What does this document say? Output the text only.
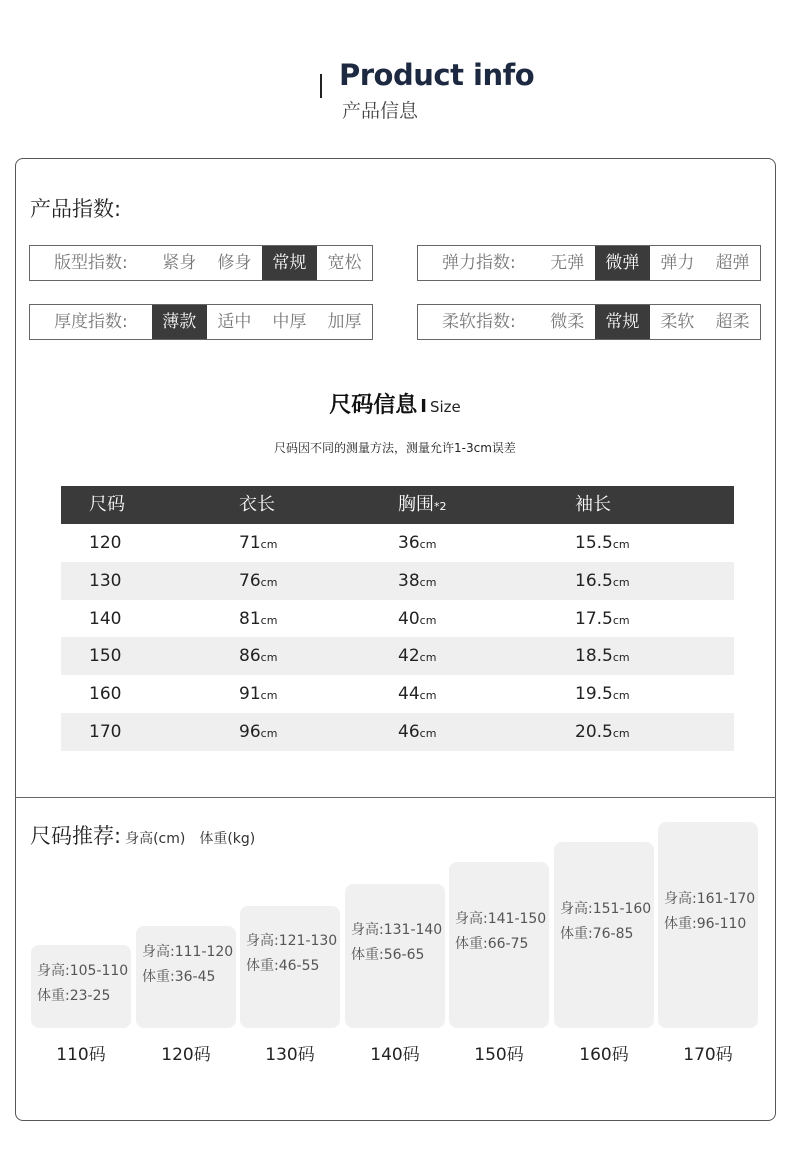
Product info
产品信息
产品指数:
版型指数:	紧身	修身	常规	宽松	弹力指数:	无弹	微弹	弹力	超弹
厚度指数:	薄款	适中	中厚	加厚	柔软指数:	微柔	常规	柔软	超柔
尺码信息 I Size
尺码因不同的测量方法，测量允许1-3cm误差
尺码	衣长	胸围*2	袖长
120	71cm	36cm	15.5cm
130	76cm	38cm	16.5cm
140	81cm	40cm	17.5cm
150	86cm	42cm	18.5cm
160	91cm	44cm	19.5cm
170	96cm	46cm	20.5cm
尺码推荐: 身高(cm)　体重(kg)
身高:105-110
体重:23-25
110码
身高:111-120
体重:36-45
120码
身高:121-130
体重:46-55
130码
身高:131-140
体重:56-65
140码
身高:141-150
体重:66-75
150码
身高:151-160
体重:76-85
160码
身高:161-170
体重:96-110
170码
